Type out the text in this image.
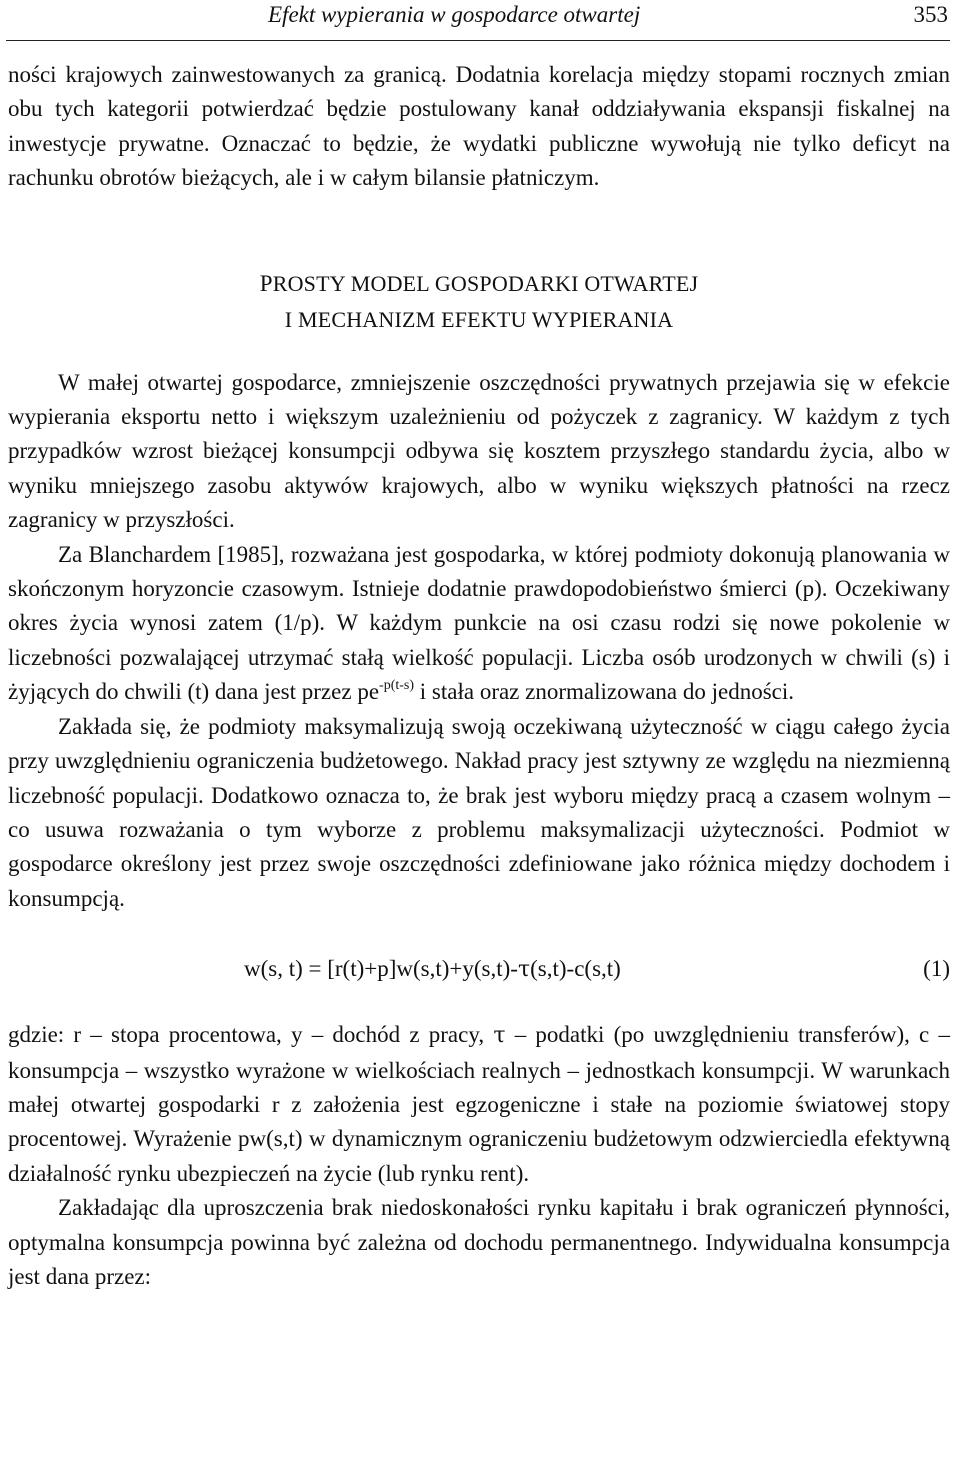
Efekt wypierania w gospodarce otwartej	353

ności krajowych zainwestowanych za granicą. Dodatnia korelacja między stopami rocznych zmian obu tych kategorii potwierdzać będzie postulowany kanał oddziaływania ekspansji fiskalnej na inwestycje prywatne. Oznaczać to będzie, że wydatki publiczne wywołują nie tylko deficyt na rachunku obrotów bieżących, ale i w całym bilansie płatniczym.

PROSTY MODEL GOSPODARKI OTWARTEJ
I MECHANIZM EFEKTU WYPIERANIA

W małej otwartej gospodarce, zmniejszenie oszczędności prywatnych przejawia się w efekcie wypierania eksportu netto i większym uzależnieniu od pożyczek z zagranicy. W każdym z tych przypadków wzrost bieżącej konsumpcji odbywa się kosztem przyszłego standardu życia, albo w wyniku mniejszego zasobu aktywów krajowych, albo w wyniku większych płatności na rzecz zagranicy w przyszłości.

Za Blanchardem [1985], rozważana jest gospodarka, w której podmioty dokonują planowania w skończonym horyzoncie czasowym. Istnieje dodatnie prawdopodobieństwo śmierci (p). Oczekiwany okres życia wynosi zatem (1/p). W każdym punkcie na osi czasu rodzi się nowe pokolenie w liczebności pozwalającej utrzymać stałą wielkość populacji. Liczba osób urodzonych w chwili (s) i żyjących do chwili (t) dana jest przez $pe^{-p(t-s)}$ i stała oraz znormalizowana do jedności.

Zakłada się, że podmioty maksymalizują swoją oczekiwaną użyteczność w ciągu całego życia przy uwzględnieniu ograniczenia budżetowego. Nakład pracy jest sztywny ze względu na niezmienną liczebność populacji. Dodatkowo oznacza to, że brak jest wyboru między pracą a czasem wolnym – co usuwa rozważania o tym wyborze z problemu maksymalizacji użyteczności. Podmiot w gospodarce określony jest przez swoje oszczędności zdefiniowane jako różnica między dochodem i konsumpcją.

w(s, t) = [r(t)+p]w(s,t)+y(s,t)-τ(s,t)-c(s,t)	(1)

gdzie: r – stopa procentowa, y – dochód z pracy, τ – podatki (po uwzględnieniu transferów), c – konsumpcja – wszystko wyrażone w wielkościach realnych – jednostkach konsumpcji. W warunkach małej otwartej gospodarki r z założenia jest egzogeniczne i stałe na poziomie światowej stopy procentowej. Wyrażenie pw(s,t) w dynamicznym ograniczeniu budżetowym odzwierciedla efektywną działalność rynku ubezpieczeń na życie (lub rynku rent).

Zakładając dla uproszczenia brak niedoskonałości rynku kapitału i brak ograniczeń płynności, optymalna konsumpcja powinna być zależna od dochodu permanentnego. Indywidualna konsumpcja jest dana przez:
